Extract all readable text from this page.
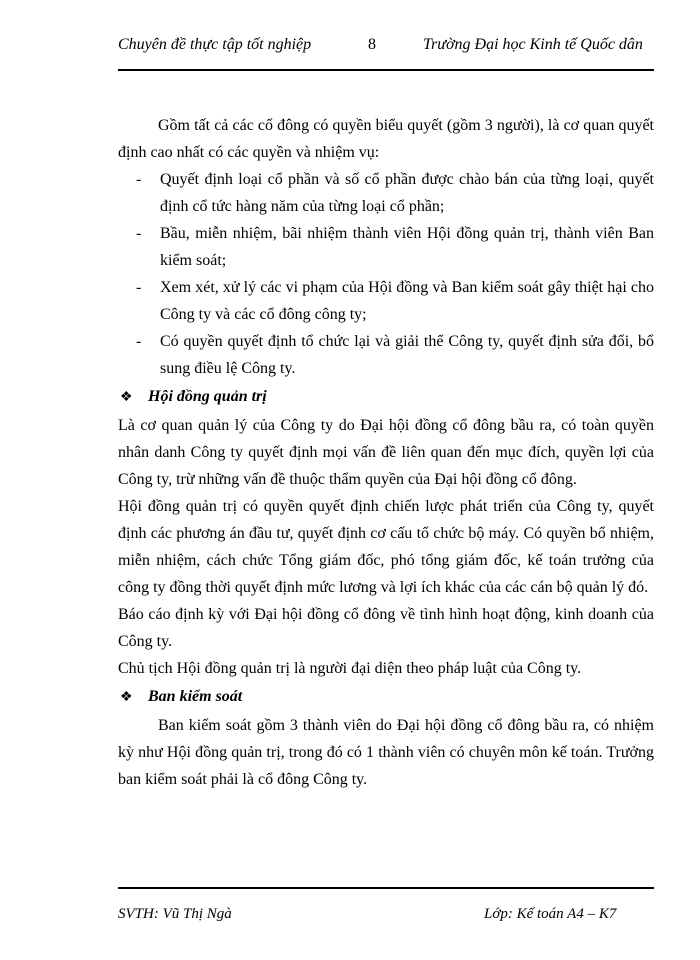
Chuyên đề thực tập tốt nghiệp	8	Trường Đại học Kinh tế Quốc dân

Gồm tất cả các cổ đông có quyền biểu quyết (gồm 3 người), là cơ quan quyết định cao nhất có các quyền và nhiệm vụ:

-	Quyết định loại cổ phần và số cổ phần được chào bán của từng loại, quyết định cổ tức hàng năm của từng loại cổ phần;
-	Bầu, miễn nhiệm, bãi nhiệm thành viên Hội đồng quản trị, thành viên Ban kiểm soát;
-	Xem xét, xử lý các vi phạm của Hội đồng và Ban kiểm soát gây thiệt hại cho Công ty và các cổ đông công ty;
-	Có quyền quyết định tổ chức lại và giải thể Công ty, quyết định sửa đổi, bổ sung điều lệ Công ty.
❖ Hội đồng quản trị

Là cơ quan quản lý của Công ty do Đại hội đồng cổ đông bầu ra, có toàn quyền nhân danh Công ty quyết định mọi vấn đề liên quan đến mục đích, quyền lợi của Công ty, trừ những vấn đề thuộc thẩm quyền của Đại hội đồng cổ đông.

Hội đồng quản trị có quyền quyết định chiến lược phát triển của Công ty, quyết định các phương án đầu tư, quyết định cơ cấu tổ chức bộ máy. Có quyền bổ nhiệm, miễn nhiệm, cách chức Tổng giám đốc, phó tổng giám đốc, kế toán trưởng của công ty đồng thời quyết định mức lương và lợi ích khác của các cán bộ quản lý đó.

Báo cáo định kỳ với Đại hội đồng cổ đông về tình hình hoạt động, kinh doanh của Công ty.

Chủ tịch Hội đồng quản trị là người đại diện theo pháp luật của Công ty.

❖ Ban kiểm soát

Ban kiểm soát gồm 3 thành viên do Đại hội đồng cổ đông bầu ra, có nhiệm kỳ như Hội đồng quản trị, trong đó có 1 thành viên có chuyên môn kế toán. Trưởng ban kiểm soát phải là cổ đông Công ty.

SVTH: Vũ Thị Ngà	Lớp: Kế toán A4 – K7
